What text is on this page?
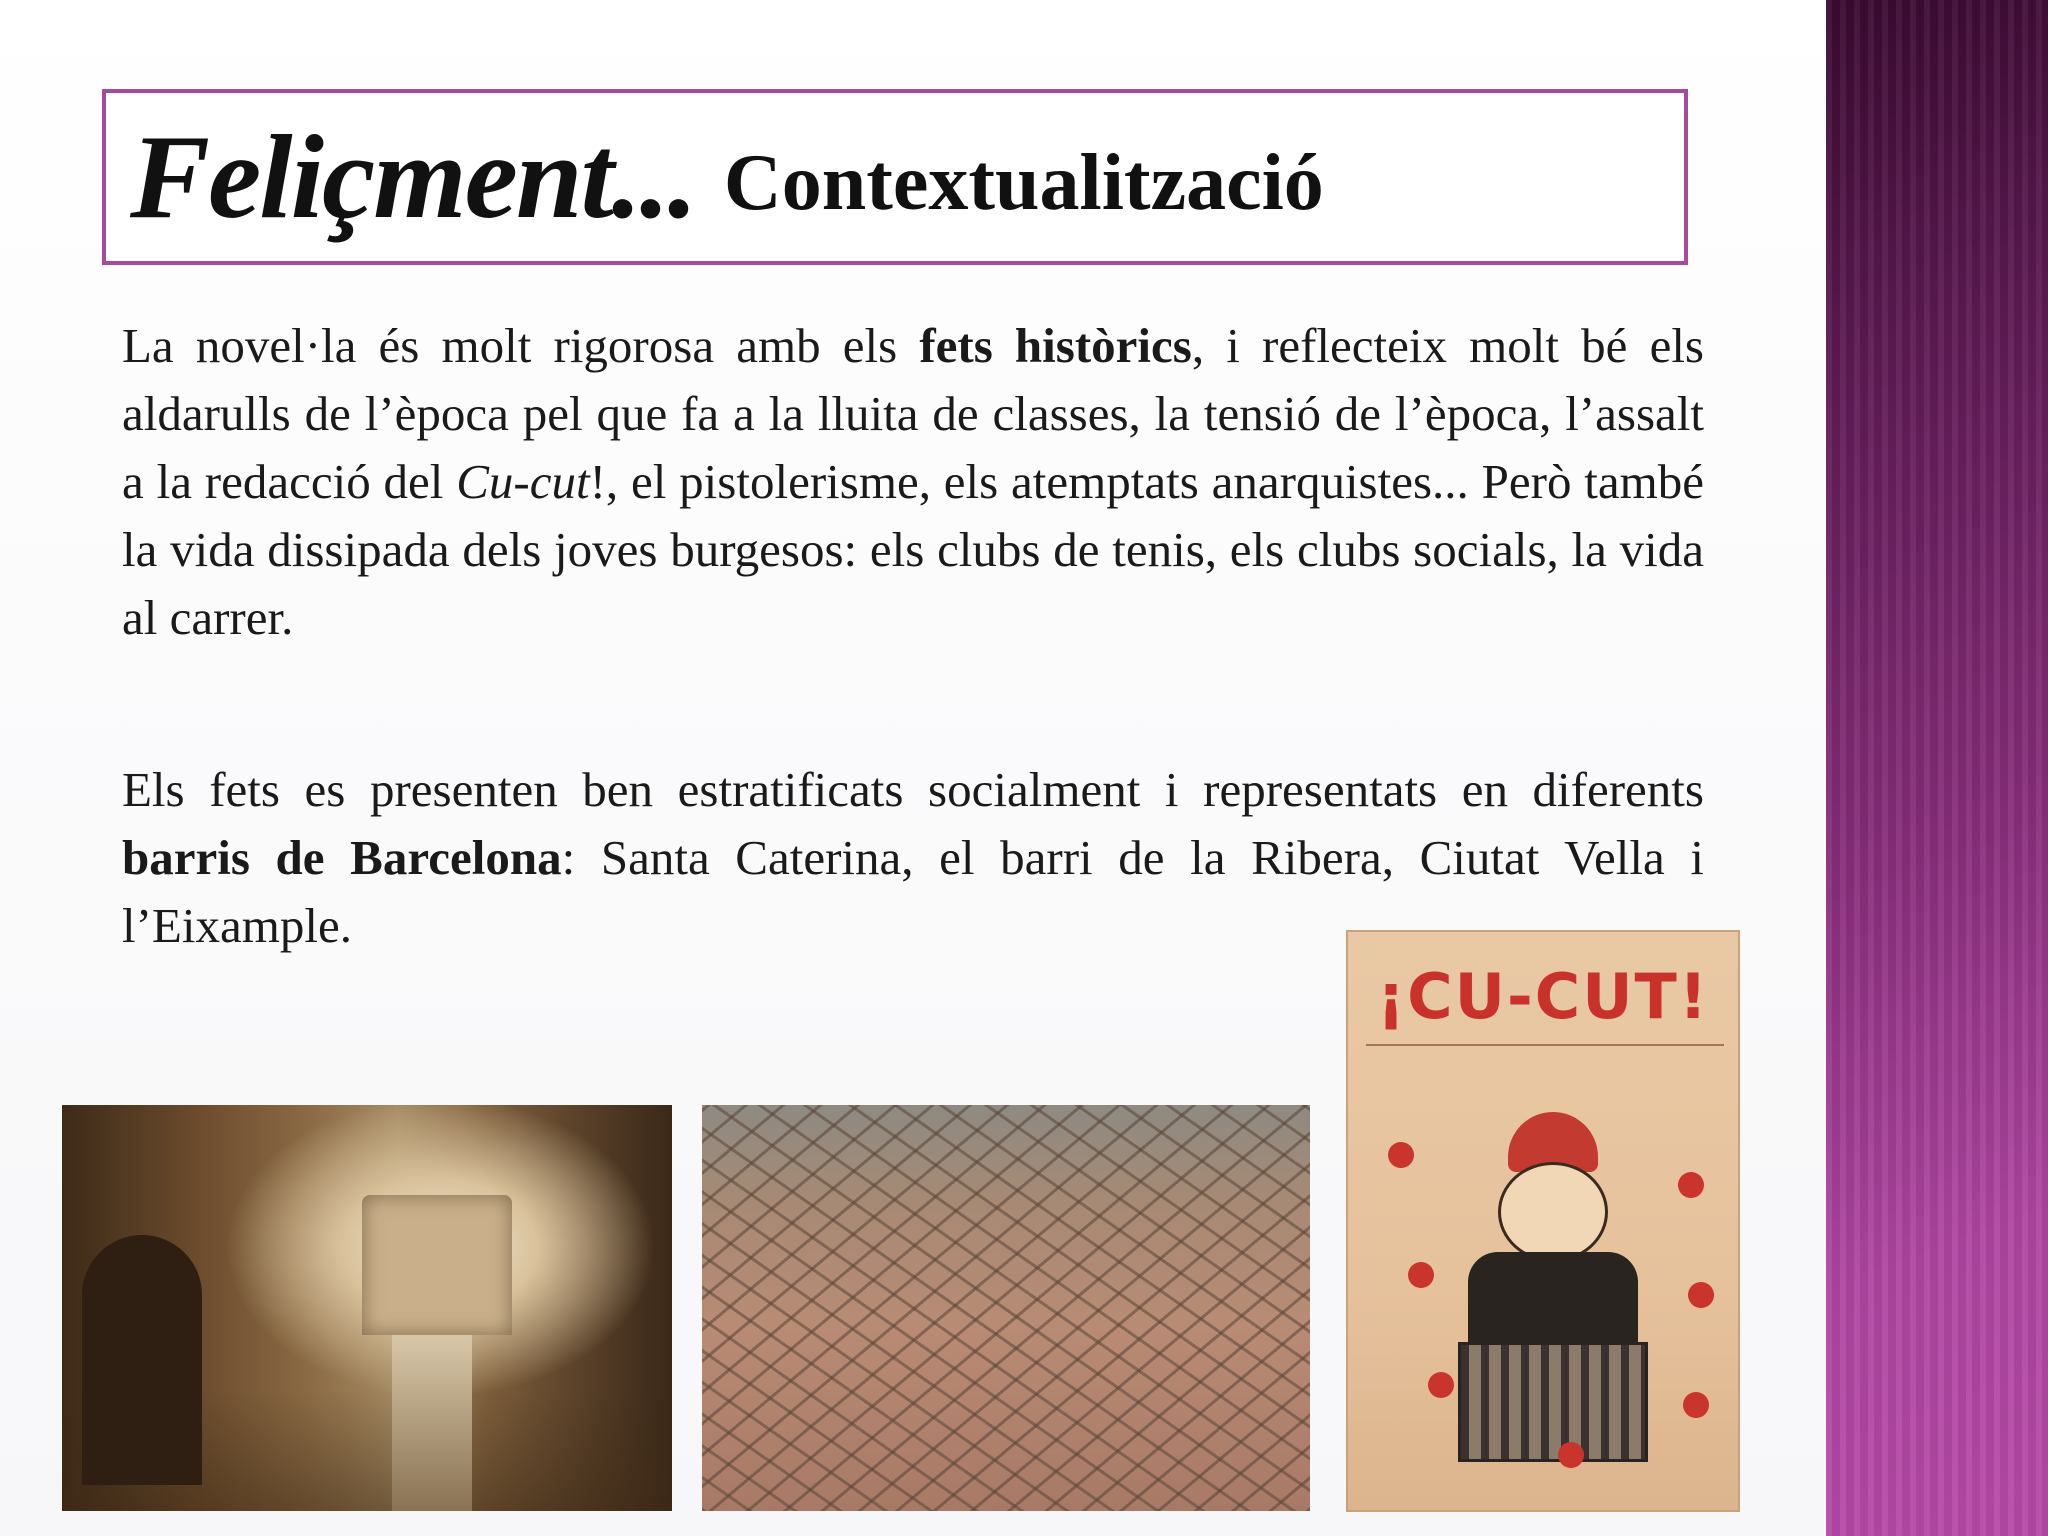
Feliçment... Contextualització

La novel·la és molt rigorosa amb els fets històrics, i reflecteix molt bé els aldarulls de l’època pel que fa a la lluita de classes, la tensió de l’època, l’assalt a la redacció del Cu-cut!, el pistolerisme, els atemptats anarquistes... Però també la vida dissipada dels joves burgesos: els clubs de tenis, els clubs socials, la vida al carrer.

Els fets es presenten ben estratificats socialment i representats en diferents barris de Barcelona: Santa Caterina, el barri de la Ribera, Ciutat Vella i l’Eixample.

¡CU-CUT!
